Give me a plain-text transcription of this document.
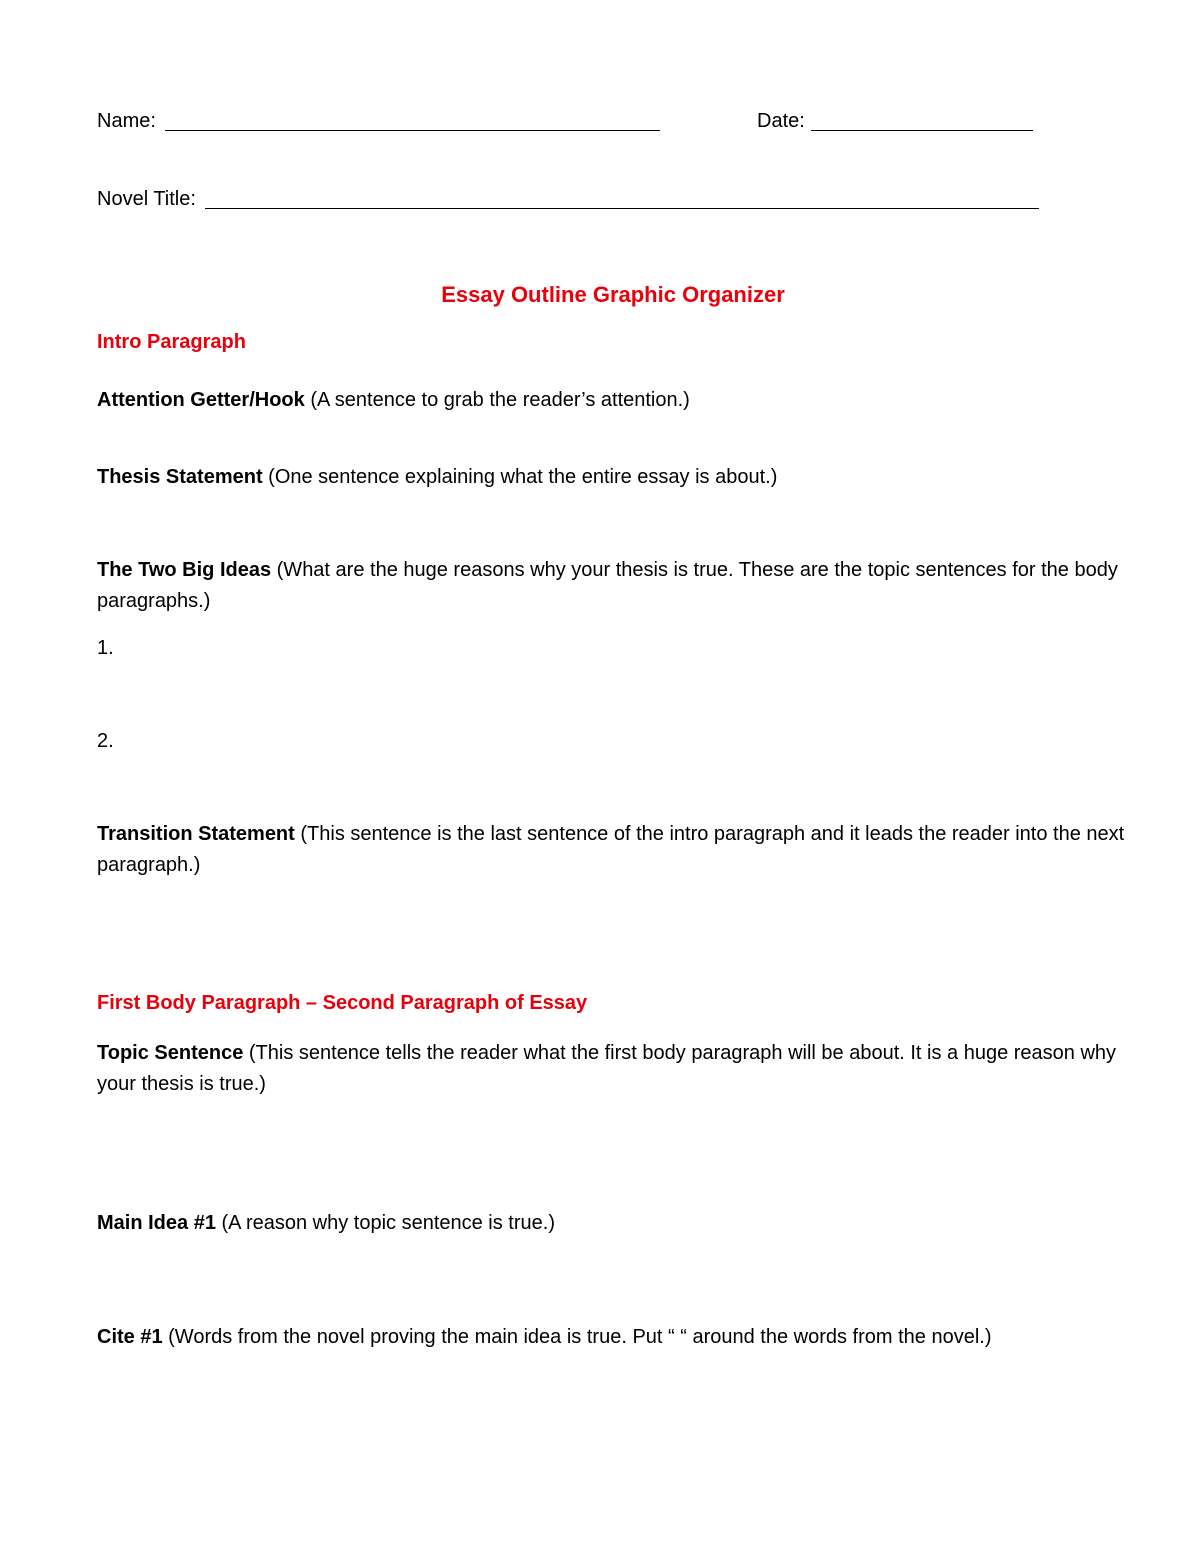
Name:	Date:
Novel Title:
Essay Outline Graphic Organizer
Intro Paragraph
Attention Getter/Hook (A sentence to grab the reader’s attention.)
Thesis Statement (One sentence explaining what the entire essay is about.)
The Two Big Ideas (What are the huge reasons why your thesis is true. These are the topic sentences for the body paragraphs.)
1.
2.
Transition Statement (This sentence is the last sentence of the intro paragraph and it leads the reader into the next paragraph.)
First Body Paragraph – Second Paragraph of Essay
Topic Sentence (This sentence tells the reader what the first body paragraph will be about. It is a huge reason why your thesis is true.)
Main Idea #1 (A reason why topic sentence is true.)
Cite #1 (Words from the novel proving the main idea is true. Put “ “ around the words from the novel.)
